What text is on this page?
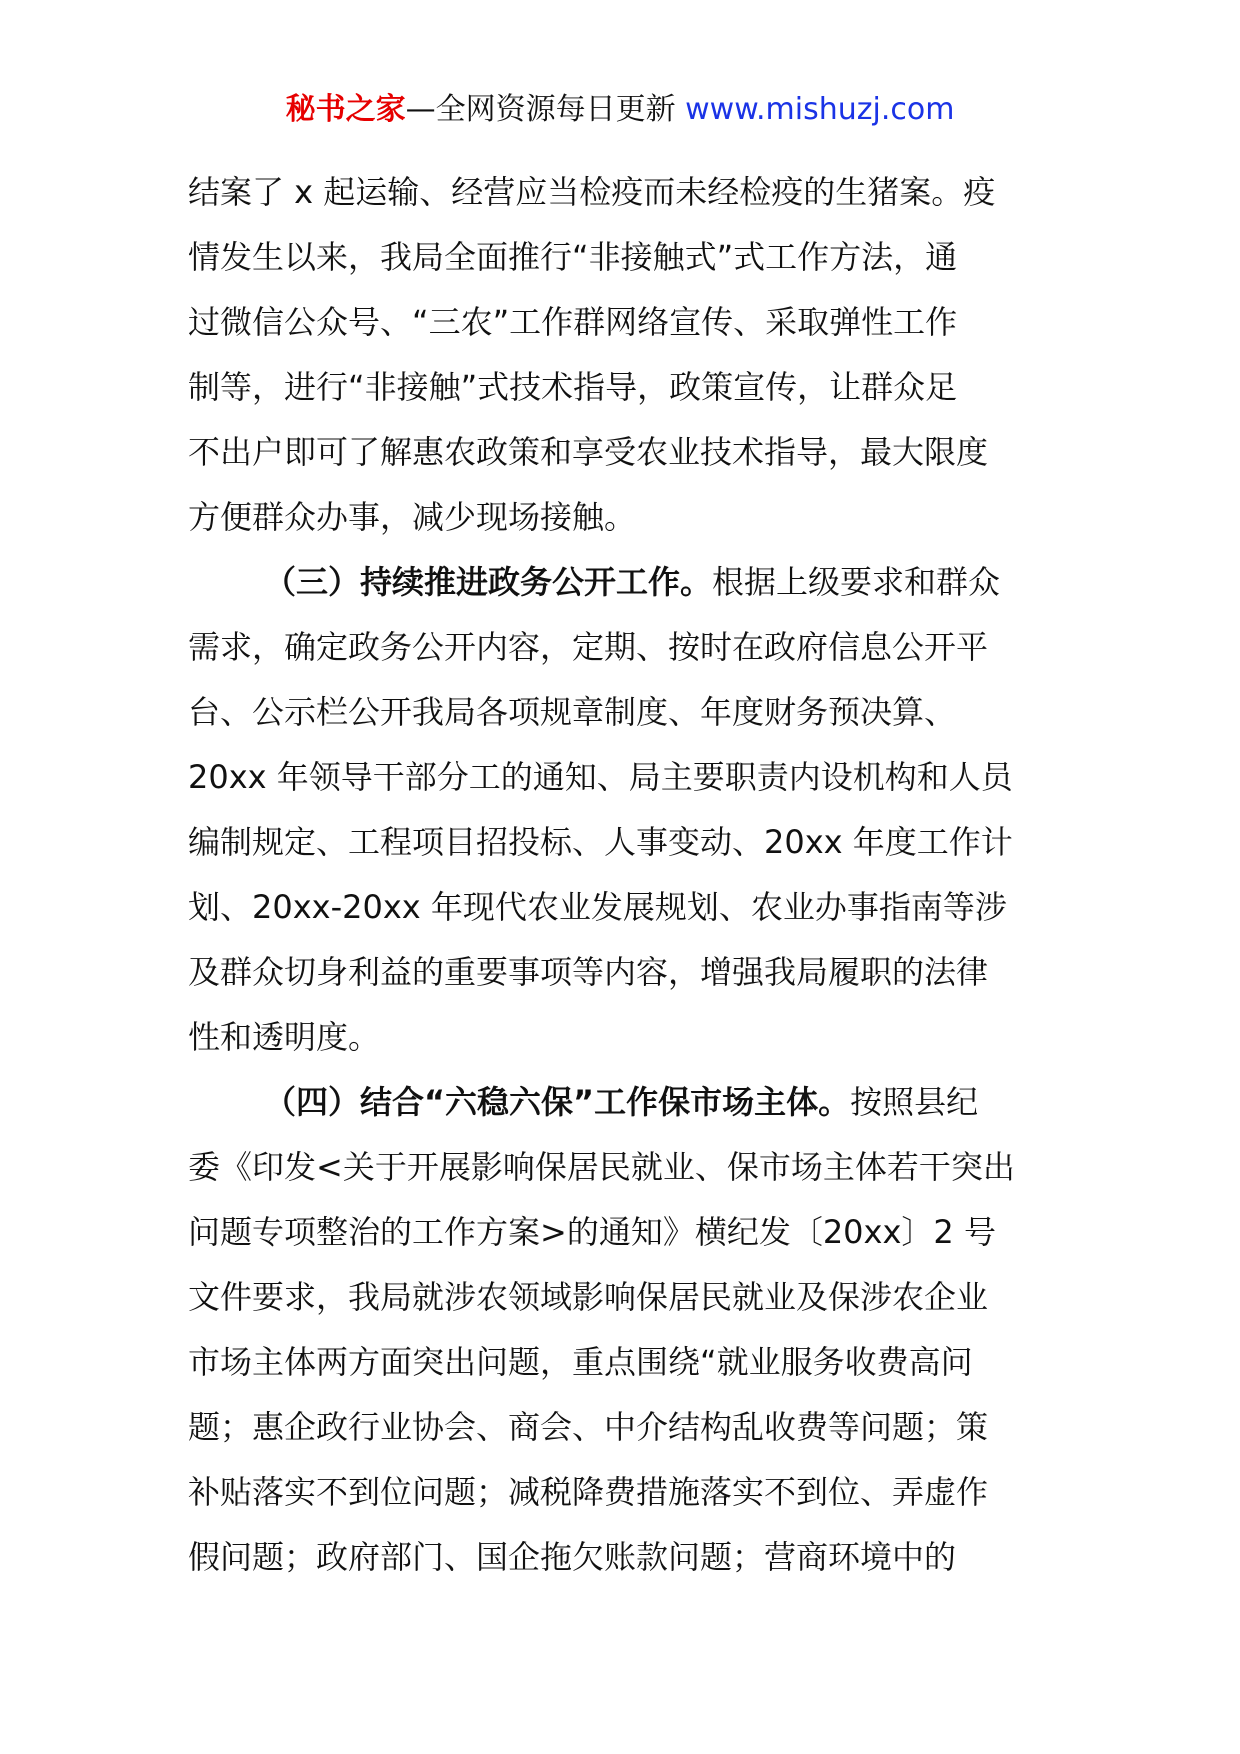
秘书之家—全网资源每日更新 www.mishuzj.com
结案了 x 起运输、经营应当检疫而未经检疫的生猪案。疫
情发生以来，我局全面推行“非接触式”式工作方法，通
过微信公众号、“三农”工作群网络宣传、采取弹性工作
制等，进行“非接触”式技术指导，政策宣传，让群众足
不出户即可了解惠农政策和享受农业技术指导，最大限度
方便群众办事，减少现场接触。
（三）持续推进政务公开工作。根据上级要求和群众
需求，确定政务公开内容，定期、按时在政府信息公开平
台、公示栏公开我局各项规章制度、年度财务预决算、
20xx 年领导干部分工的通知、局主要职责内设机构和人员
编制规定、工程项目招投标、人事变动、20xx 年度工作计
划、20xx-20xx 年现代农业发展规划、农业办事指南等涉
及群众切身利益的重要事项等内容，增强我局履职的法律
性和透明度。
（四）结合“六稳六保”工作保市场主体。按照县纪
委《印发<关于开展影响保居民就业、保市场主体若干突出
问题专项整治的工作方案>的通知》横纪发〔20xx〕2 号
文件要求，我局就涉农领域影响保居民就业及保涉农企业
市场主体两方面突出问题，重点围绕“就业服务收费高问
题；惠企政行业协会、商会、中介结构乱收费等问题；策
补贴落实不到位问题；减税降费措施落实不到位、弄虚作
假问题；政府部门、国企拖欠账款问题；营商环境中的
